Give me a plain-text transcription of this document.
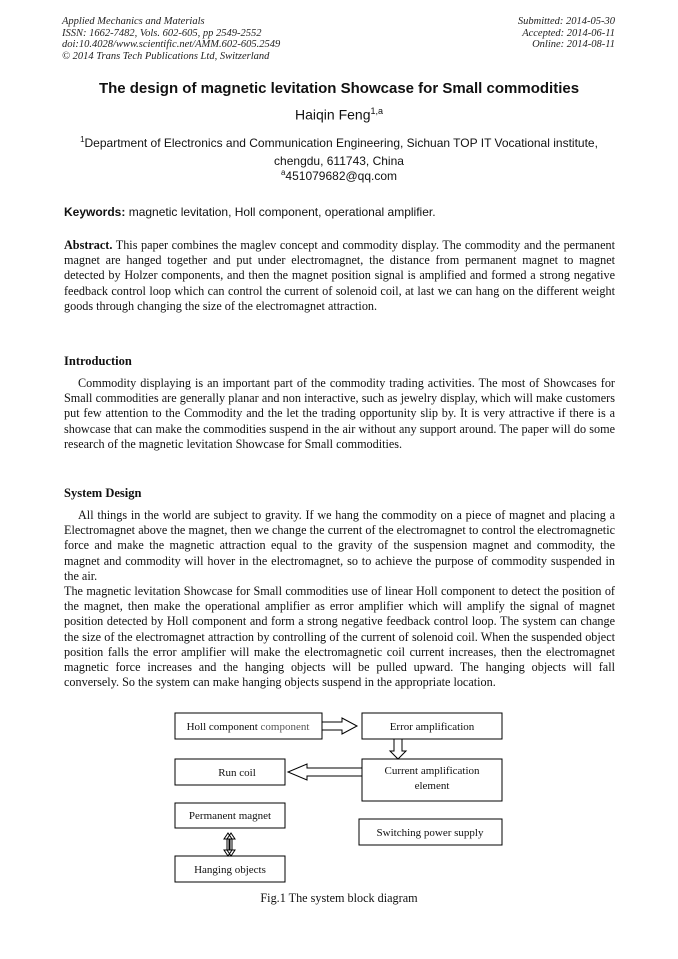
Applied Mechanics and Materials
ISSN: 1662-7482, Vols. 602-605, pp 2549-2552
doi:10.4028/www.scientific.net/AMM.602-605.2549
© 2014 Trans Tech Publications Ltd, Switzerland
Submitted: 2014-05-30
Accepted: 2014-06-11
Online: 2014-08-11
The design of magnetic levitation Showcase for Small commodities
Haiqin Feng$^{1,a}$
$^1$Department of Electronics and Communication Engineering, Sichuan TOP IT Vocational institute,
chengdu, 611743, China
$^a$451079682@qq.com
Keywords: magnetic levitation, Holl component, operational amplifier.
Abstract. This paper combines the maglev concept and commodity display. The commodity and the permanent magnet are hanged together and put under electromagnet, the distance from permanent magnet to magnet detected by Holzer components, and then the magnet position signal is amplified and formed a strong negative feedback control loop which can control the current of solenoid coil, at last we can hang on the different weight goods through changing the size of the electromagnet attraction.
Introduction
Commodity displaying is an important part of the commodity trading activities. The most of Showcases for Small commodities are generally planar and non interactive, such as jewelry display, which will make customers put few attention to the Commodity and the let the trading opportunity slip by. It is very attractive if there is a showcase that can make the commodities suspend in the air without any support around. The paper will do some research of the magnetic levitation Showcase for Small commodities.
System Design
All things in the world are subject to gravity. If we hang the commodity on a piece of magnet and placing a Electromagnet above the magnet, then we change the current of the electromagnet to control the electromagnetic force and make the magnetic attraction equal to the gravity of the suspension magnet and commodity, the magnet and commodity will hover in the electromagnet, so to achieve the purpose of commodity suspended in the air.
The magnetic levitation Showcase for Small commodities use of linear Holl component to detect the position of the magnet, then make the operational amplifier as error amplifier which will amplify the signal of magnet position detected by Holl component and form a strong negative feedback control loop. The system can change the size of the electromagnet attraction by controlling of the current of solenoid coil. When the suspended object position falls the error amplifier will make the electromagnetic coil current increases, then the electromagnet magnetic force increases and the hanging objects will be pulled upward. The hanging objects will fall conversely. So the system can make hanging objects suspend in the appropriate location.
Holl component component	Error amplification
Run coil	Current amplification
element
Permanent magnet
Switching power supply
Hanging objects
Fig.1 The system block diagram
